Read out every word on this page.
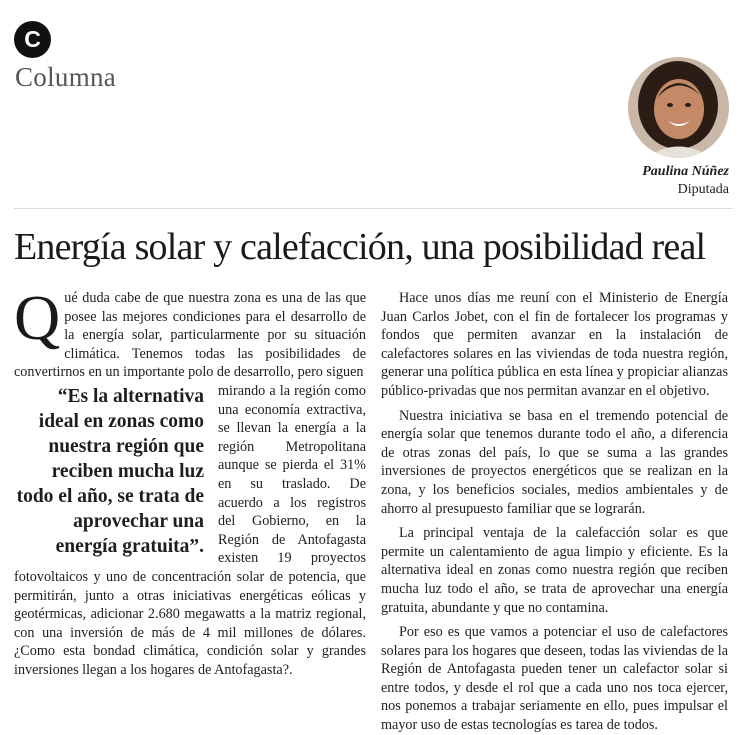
C
Columna
Paulina Núñez
Diputada
Energía solar y calefacción, una posibilidad real

Q ué duda cabe de que nuestra zona es una de las que posee las mejores condiciones para el desarrollo de la energía solar, particularmente por su situación climática. Tenemos todas las posibilidades de convertirnos en un importante polo de desarrollo, pero siguen
“Es la alternativa ideal en zonas como nuestra región que reciben mucha luz todo el año, se trata de aprovechar una energía gratuita”.
mirando a la región como una economía extractiva, se llevan la energía a la región Metropolitana aunque se pierda el 31% en su traslado. De acuerdo a los registros del Gobierno, en la Región de Antofagasta existen 19 proyectos fotovoltaicos y uno de concentración solar de potencia, que permitirán, junto a otras iniciativas energéticas eólicas y geotérmicas, adicionar 2.680 megawatts a la matriz regional, con una inversión de más de 4 mil millones de dólares. ¿Como esta bondad climática, condición solar y grandes inversiones llegan a los hogares de Antofagasta?.

Hace unos días me reuní con el Ministerio de Energía Juan Carlos Jobet, con el fin de fortalecer los programas y fondos que permiten avanzar en la instalación de calefactores solares en las viviendas de toda nuestra región, generar una política pública en esta línea y propiciar alianzas público-privadas que nos permitan avanzar en el objetivo.

Nuestra iniciativa se basa en el tremendo potencial de energía solar que tenemos durante todo el año, a diferencia de otras zonas del país, lo que se suma a las grandes inversiones de proyectos energéticos que se realizan en la zona, y los beneficios sociales, medios ambientales y de ahorro al presupuesto familiar que se lograrán.

La principal ventaja de la calefacción solar es que permite un calentamiento de agua limpio y eficiente. Es la alternativa ideal en zonas como nuestra región que reciben mucha luz todo el año, se trata de aprovechar una energía gratuita, abundante y que no contamina.

Por eso es que vamos a potenciar el uso de calefactores solares para los hogares que deseen, todas las viviendas de la Región de Antofagasta pueden tener un calefactor solar si entre todos, y desde el rol que a cada uno nos toca ejercer, nos ponemos a trabajar seriamente en ello, pues impulsar el mayor uso de estas tecnologías es tarea de todos.
